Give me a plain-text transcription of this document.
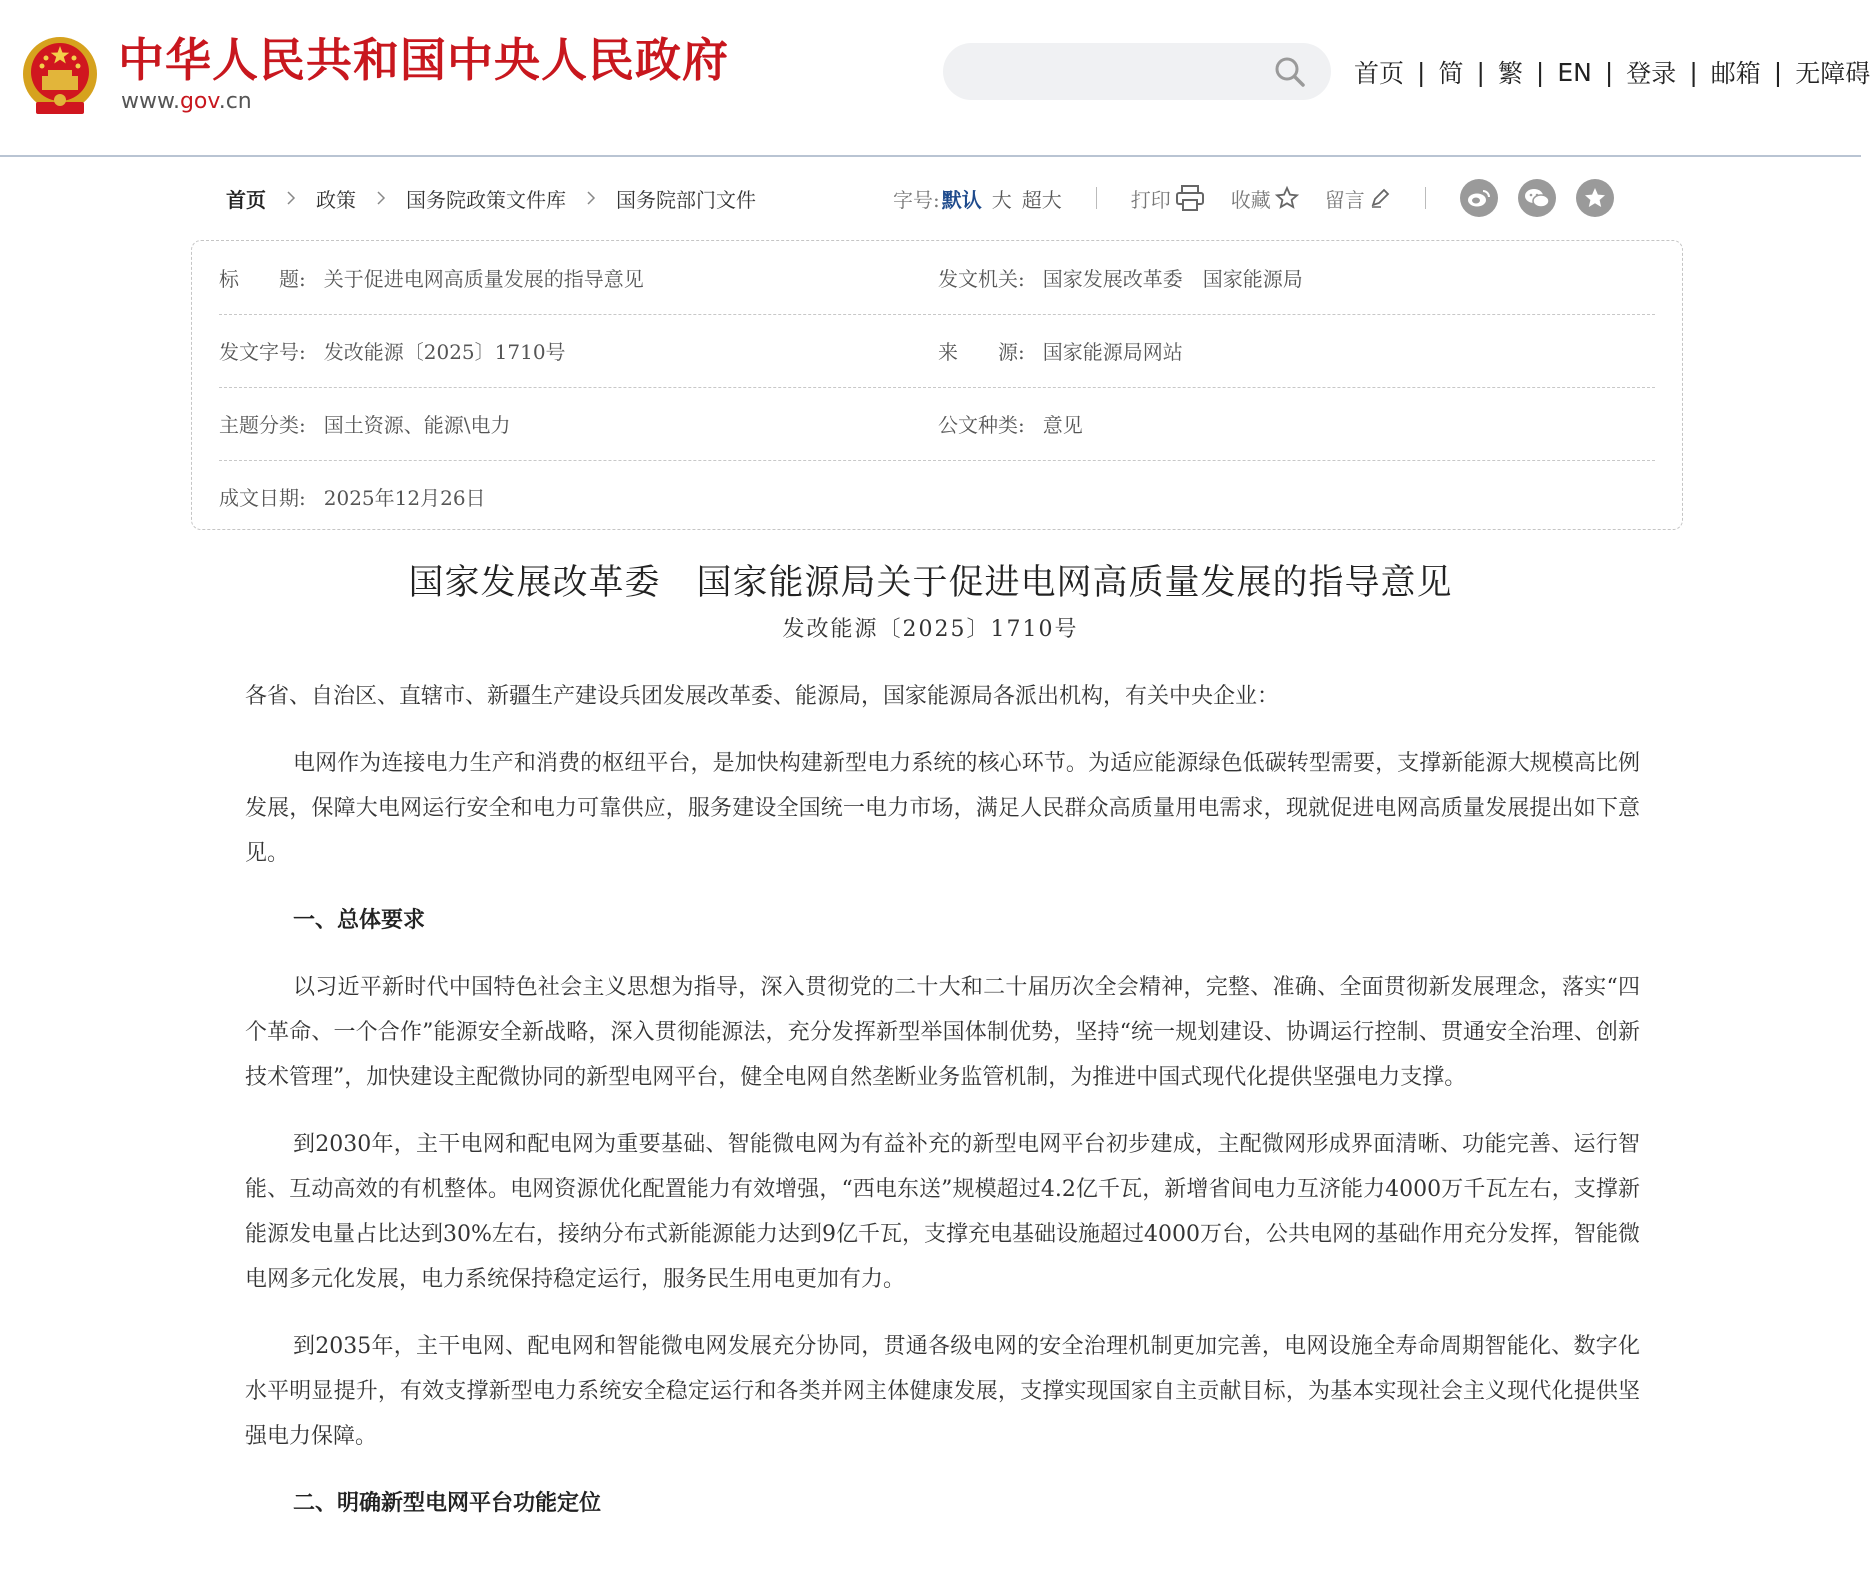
中华人民共和国中央人民政府
www.gov.cn
首页 | 简 | 繁 | EN | 登录 | 邮箱 | 无障碍
首页	政策	国务院政策文件库	国务院部门文件	字号: 默认 大 超大	打印	收藏	留言
标　　题: 关于促进电网高质量发展的指导意见	发文机关: 国家发展改革委　国家能源局
发文字号: 发改能源〔2025〕1710号	来　　源: 国家能源局网站
主题分类: 国土资源、能源\电力	公文种类: 意见
成文日期: 2025年12月26日
国家发展改革委　国家能源局关于促进电网高质量发展的指导意见
发改能源〔2025〕1710号

各省、自治区、直辖市、新疆生产建设兵团发展改革委、能源局，国家能源局各派出机构，有关中央企业：

电网作为连接电力生产和消费的枢纽平台，是加快构建新型电力系统的核心环节。为适应能源绿色低碳转型需要，支撑新能源大规模高比例发展，保障大电网运行安全和电力可靠供应，服务建设全国统一电力市场，满足人民群众高质量用电需求，现就促进电网高质量发展提出如下意见。

一、总体要求

以习近平新时代中国特色社会主义思想为指导，深入贯彻党的二十大和二十届历次全会精神，完整、准确、全面贯彻新发展理念，落实“四个革命、一个合作”能源安全新战略，深入贯彻能源法，充分发挥新型举国体制优势，坚持“统一规划建设、协调运行控制、贯通安全治理、创新技术管理”，加快建设主配微协同的新型电网平台，健全电网自然垄断业务监管机制，为推进中国式现代化提供坚强电力支撑。

到2030年，主干电网和配电网为重要基础、智能微电网为有益补充的新型电网平台初步建成，主配微网形成界面清晰、功能完善、运行智能、互动高效的有机整体。电网资源优化配置能力有效增强，“西电东送”规模超过4.2亿千瓦，新增省间电力互济能力4000万千瓦左右，支撑新能源发电量占比达到30%左右，接纳分布式新能源能力达到9亿千瓦，支撑充电基础设施超过4000万台，公共电网的基础作用充分发挥，智能微电网多元化发展，电力系统保持稳定运行，服务民生用电更加有力。

到2035年，主干电网、配电网和智能微电网发展充分协同，贯通各级电网的安全治理机制更加完善，电网设施全寿命周期智能化、数字化水平明显提升，有效支撑新型电力系统安全稳定运行和各类并网主体健康发展，支撑实现国家自主贡献目标，为基本实现社会主义现代化提供坚强电力保障。

二、明确新型电网平台功能定位
